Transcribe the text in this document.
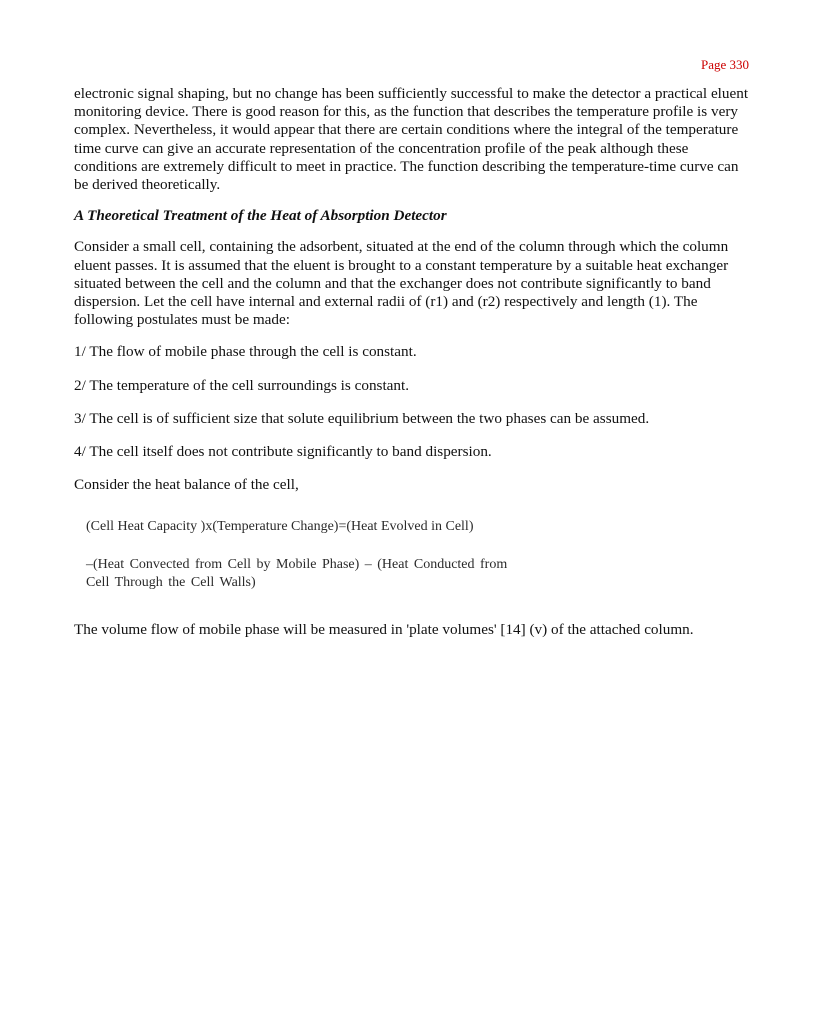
Page 330

electronic signal shaping, but no change has been sufficiently successful to make the detector a practical eluent monitoring device. There is good reason for this, as the function that describes the temperature profile is very complex. Nevertheless, it would appear that there are certain conditions where the integral of the temperature time curve can give an accurate representation of the concentration profile of the peak although these conditions are extremely difficult to meet in practice. The function describing the temperature-time curve can be derived theoretically.

A Theoretical Treatment of the Heat of Absorption Detector

Consider a small cell, containing the adsorbent, situated at the end of the column through which the column eluent passes. It is assumed that the eluent is brought to a constant temperature by a suitable heat exchanger situated between the cell and the column and that the exchanger does not contribute significantly to band dispersion. Let the cell have internal and external radii of (r1) and (r2) respectively and length (1). The following postulates must be made:

1/ The flow of mobile phase through the cell is constant.

2/ The temperature of the cell surroundings is constant.

3/ The cell is of sufficient size that solute equilibrium between the two phases can be assumed.

4/ The cell itself does not contribute significantly to band dispersion.

Consider the heat balance of the cell,

(Cell Heat Capacity )x(Temperature Change)=(Heat Evolved in Cell)

–(Heat Convected from Cell by Mobile Phase) – (Heat Conducted from Cell Through the Cell Walls)

The volume flow of mobile phase will be measured in 'plate volumes' [14] (v) of the attached column.
